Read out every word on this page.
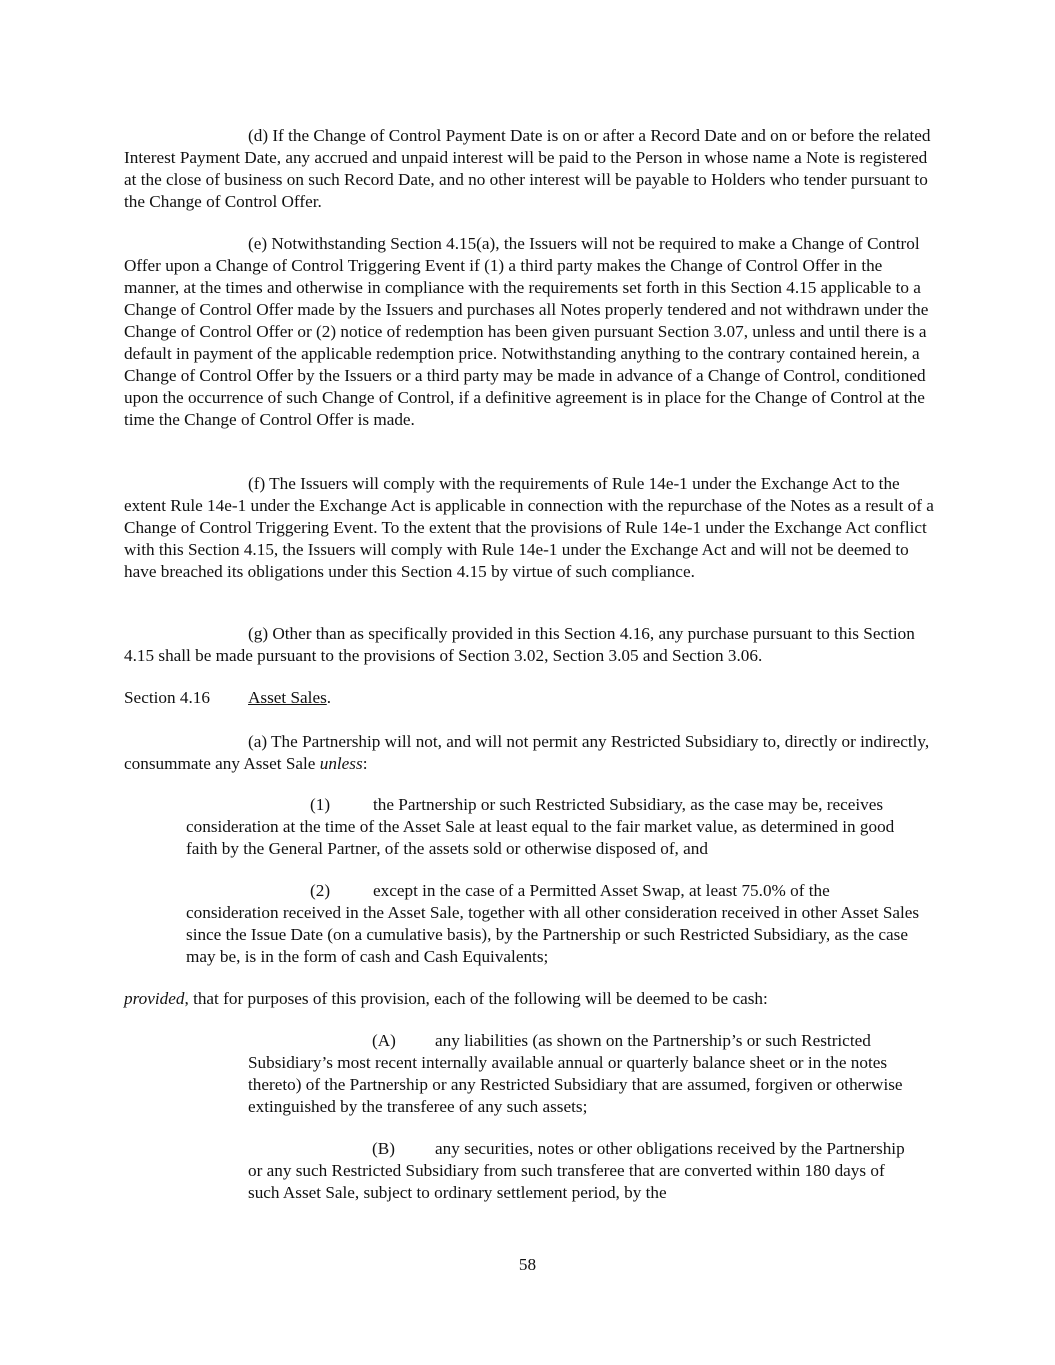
(d) If the Change of Control Payment Date is on or after a Record Date and on or before the related Interest Payment Date, any accrued and unpaid interest will be paid to the Person in whose name a Note is registered at the close of business on such Record Date, and no other interest will be payable to Holders who tender pursuant to the Change of Control Offer.

(e) Notwithstanding Section 4.15(a), the Issuers will not be required to make a Change of Control Offer upon a Change of Control Triggering Event if (1) a third party makes the Change of Control Offer in the manner, at the times and otherwise in compliance with the requirements set forth in this Section 4.15 applicable to a Change of Control Offer made by the Issuers and purchases all Notes properly tendered and not withdrawn under the Change of Control Offer or (2) notice of redemption has been given pursuant Section 3.07, unless and until there is a default in payment of the applicable redemption price. Notwithstanding anything to the contrary contained herein, a Change of Control Offer by the Issuers or a third party may be made in advance of a Change of Control, conditioned upon the occurrence of such Change of Control, if a definitive agreement is in place for the Change of Control at the time the Change of Control Offer is made.

(f) The Issuers will comply with the requirements of Rule 14e-1 under the Exchange Act to the extent Rule 14e-1 under the Exchange Act is applicable in connection with the repurchase of the Notes as a result of a Change of Control Triggering Event. To the extent that the provisions of Rule 14e-1 under the Exchange Act conflict with this Section 4.15, the Issuers will comply with Rule 14e-1 under the Exchange Act and will not be deemed to have breached its obligations under this Section 4.15 by virtue of such compliance.

(g) Other than as specifically provided in this Section 4.16, any purchase pursuant to this Section 4.15 shall be made pursuant to the provisions of Section 3.02, Section 3.05 and Section 3.06.

Section 4.16 Asset Sales.

(a) The Partnership will not, and will not permit any Restricted Subsidiary to, directly or indirectly, consummate any Asset Sale unless:

(1) the Partnership or such Restricted Subsidiary, as the case may be, receives consideration at the time of the Asset Sale at least equal to the fair market value, as determined in good faith by the General Partner, of the assets sold or otherwise disposed of, and

(2) except in the case of a Permitted Asset Swap, at least 75.0% of the consideration received in the Asset Sale, together with all other consideration received in other Asset Sales since the Issue Date (on a cumulative basis), by the Partnership or such Restricted Subsidiary, as the case may be, is in the form of cash and Cash Equivalents;

provided, that for purposes of this provision, each of the following will be deemed to be cash:

(A) any liabilities (as shown on the Partnership’s or such Restricted Subsidiary’s most recent internally available annual or quarterly balance sheet or in the notes thereto) of the Partnership or any Restricted Subsidiary that are assumed, forgiven or otherwise extinguished by the transferee of any such assets;

(B) any securities, notes or other obligations received by the Partnership or any such Restricted Subsidiary from such transferee that are converted within 180 days of such Asset Sale, subject to ordinary settlement period, by the

58
